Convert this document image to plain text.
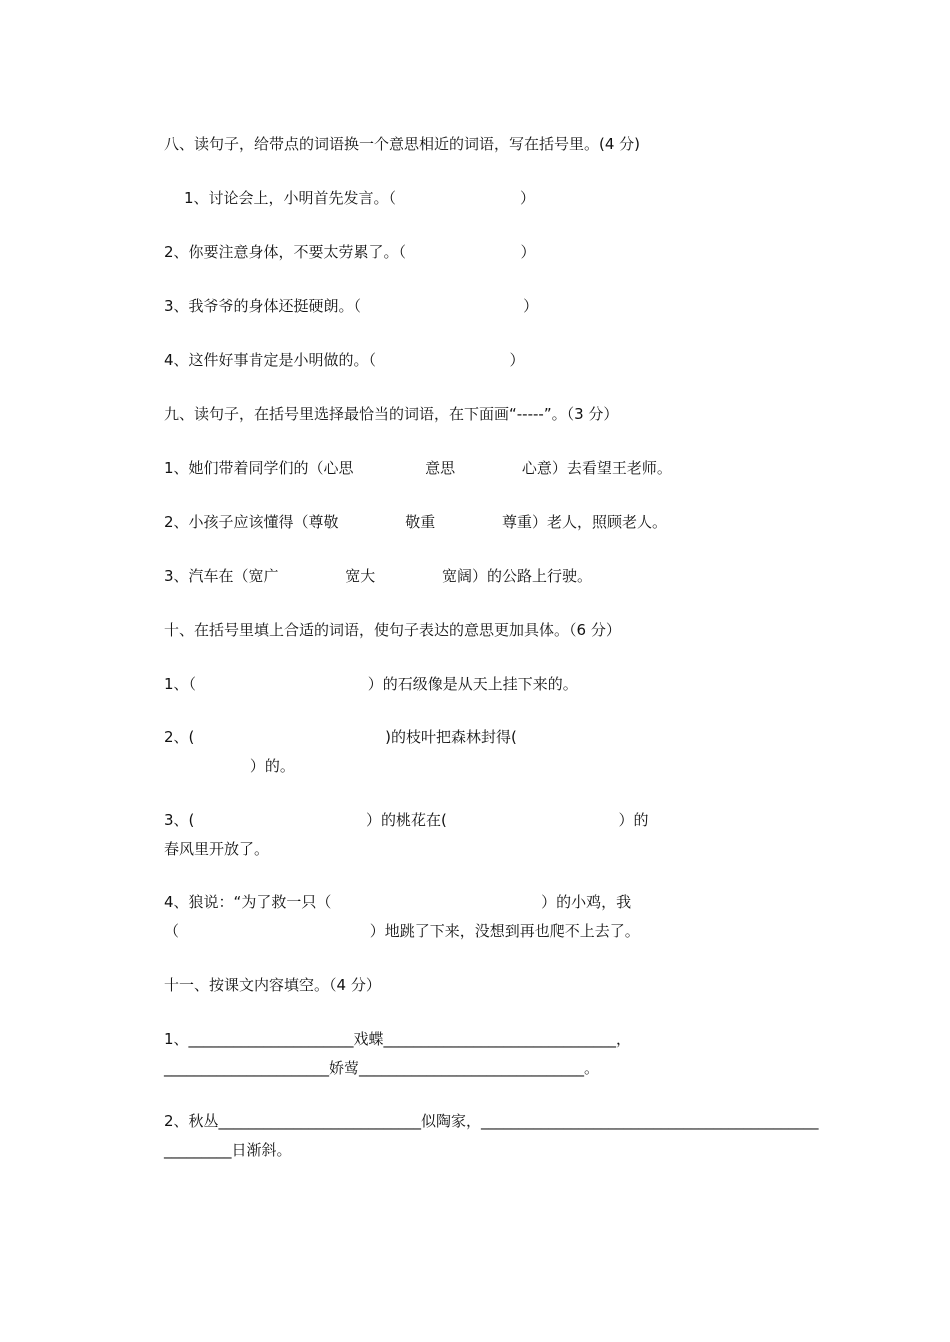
八、读句子，给带点的词语换一个意思相近的词语，写在括号里。(4 分)
1、讨论会上，小明首先发言。（                          ）
2、你要注意身体，不要太劳累了。（                        ）
3、我爷爷的身体还挺硬朗。（                                  ）
4、这件好事肯定是小明做的。（                            ）
九、读句子，在括号里选择最恰当的词语，在下面画“-----”。（3 分）
1、她们带着同学们的（心思               意思              心意）去看望王老师。
2、小孩子应该懂得（尊敬              敬重              尊重）老人，照顾老人。
3、汽车在（宽广              宽大              宽阔）的公路上行驶。
十、在括号里填上合适的词语，使句子表达的意思更加具体。（6 分）
1、（                                    ）的石级像是从天上挂下来的。
2、(                                        )的枝叶把森林封得(
）的。
3、(                                    ）的桃花在(                                    ）的
春风里开放了。
4、狼说：“为了救一只（                                            ）的小鸡，我
（                                        ）地跳了下来，没想到再也爬不上去了。
十一、按课文内容填空。（4 分）
1、______________________戏蝶_______________________________，
______________________娇莺______________________________。
2、秋丛___________________________似陶家，_____________________________________________
_________日渐斜。
